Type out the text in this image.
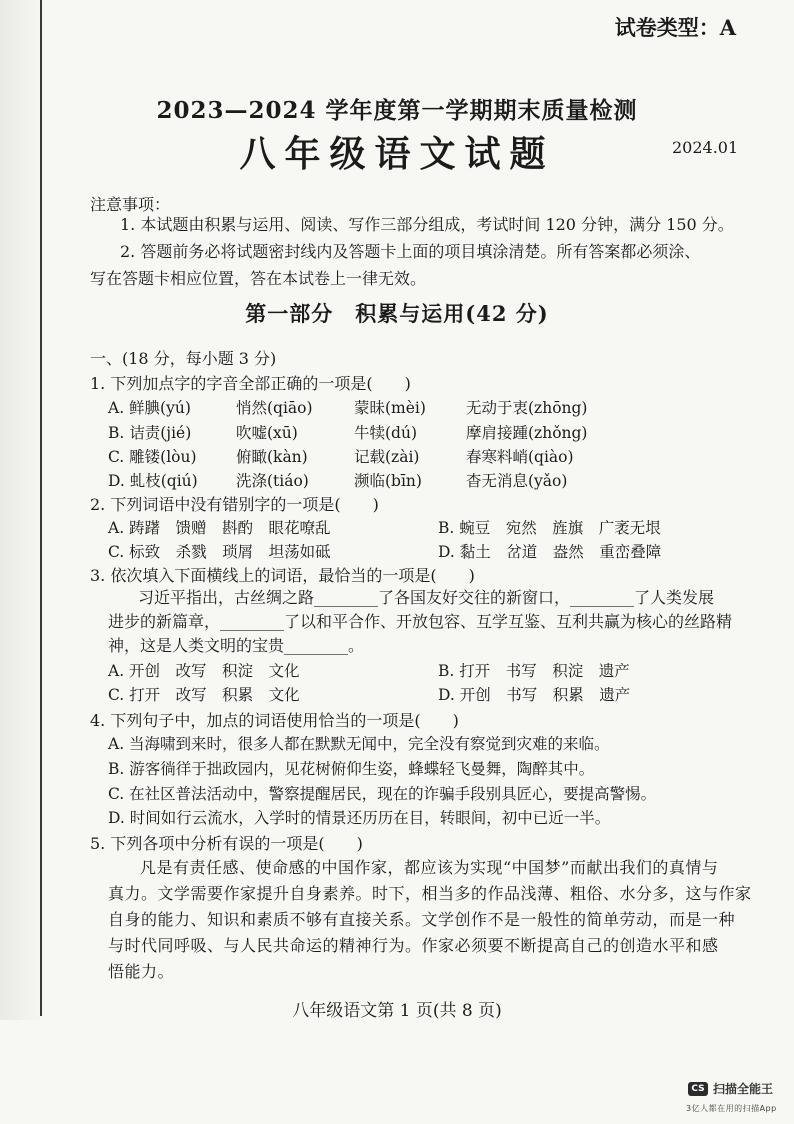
试卷类型：A
2023—2024 学年度第一学期期末质量检测
八年级语文试题	2024.01
注意事项：
1. 本试题由积累与运用、阅读、写作三部分组成，考试时间 120 分钟，满分 150 分。
2. 答题前务必将试题密封线内及答题卡上面的项目填涂清楚。所有答案都必须涂、
写在答题卡相应位置，答在本试卷上一律无效。
第一部分　积累与运用(42 分)
一、(18 分，每小题 3 分)
1. 下列加点字的字音全部正确的一项是(　　)
A. 鲜腆(yú)	悄然(qiāo)	蒙昧(mèi)	无动于衷(zhōng)
B. 诘责(jié)	吹嘘(xū)	牛犊(dú)	摩肩接踵(zhǒng)
C. 雕镂(lòu)	俯瞰(kàn)	记载(zài)	春寒料峭(qiào)
D. 虬枝(qiú) 洗涤(tiáo)	濒临(bīn)	杳无消息(yǎo)
2. 下列词语中没有错别字的一项是(　　)
A. 踌躇　馈赠　斟酌　眼花嘹乱	B. 蜿豆　宛然　旌旗　广袤无垠
C. 标致　杀戮　琐屑　坦荡如砥	D. 黏土　岔道　盎然　重峦叠障
3. 依次填入下面横线上的词语，最恰当的一项是(　　)
习近平指出，古丝绸之路________了各国友好交往的新窗口，________了人类发展
进步的新篇章，________了以和平合作、开放包容、互学互鉴、互利共赢为核心的丝路精
神，这是人类文明的宝贵________。
A. 开创　改写　积淀　文化	B. 打开　书写　积淀　遗产
C. 打开　改写　积累　文化	D. 开创　书写　积累　遗产
4. 下列句子中，加点的词语使用恰当的一项是(　　)
A. 当海啸到来时，很多人都在默默无闻中，完全没有察觉到灾难的来临。
B. 游客徜徉于拙政园内，见花树俯仰生姿，蜂蝶轻飞曼舞，陶醉其中。
C. 在社区普法活动中，警察提醒居民，现在的诈骗手段别具匠心，要提高警惕。
D. 时间如行云流水，入学时的情景还历历在目，转眼间，初中已近一半。
5. 下列各项中分析有误的一项是(　　)
凡是有责任感、使命感的中国作家，都应该为实现“中国梦”而献出我们的真情与
真力。文学需要作家提升自身素养。时下，相当多的作品浅薄、粗俗、水分多，这与作家
自身的能力、知识和素质不够有直接关系。文学创作不是一般性的简单劳动，而是一种
与时代同呼吸、与人民共命运的精神行为。作家必须要不断提高自己的创造水平和感
悟能力。
八年级语文第 1 页(共 8 页)
CS 扫描全能王
3亿人都在用的扫描App
